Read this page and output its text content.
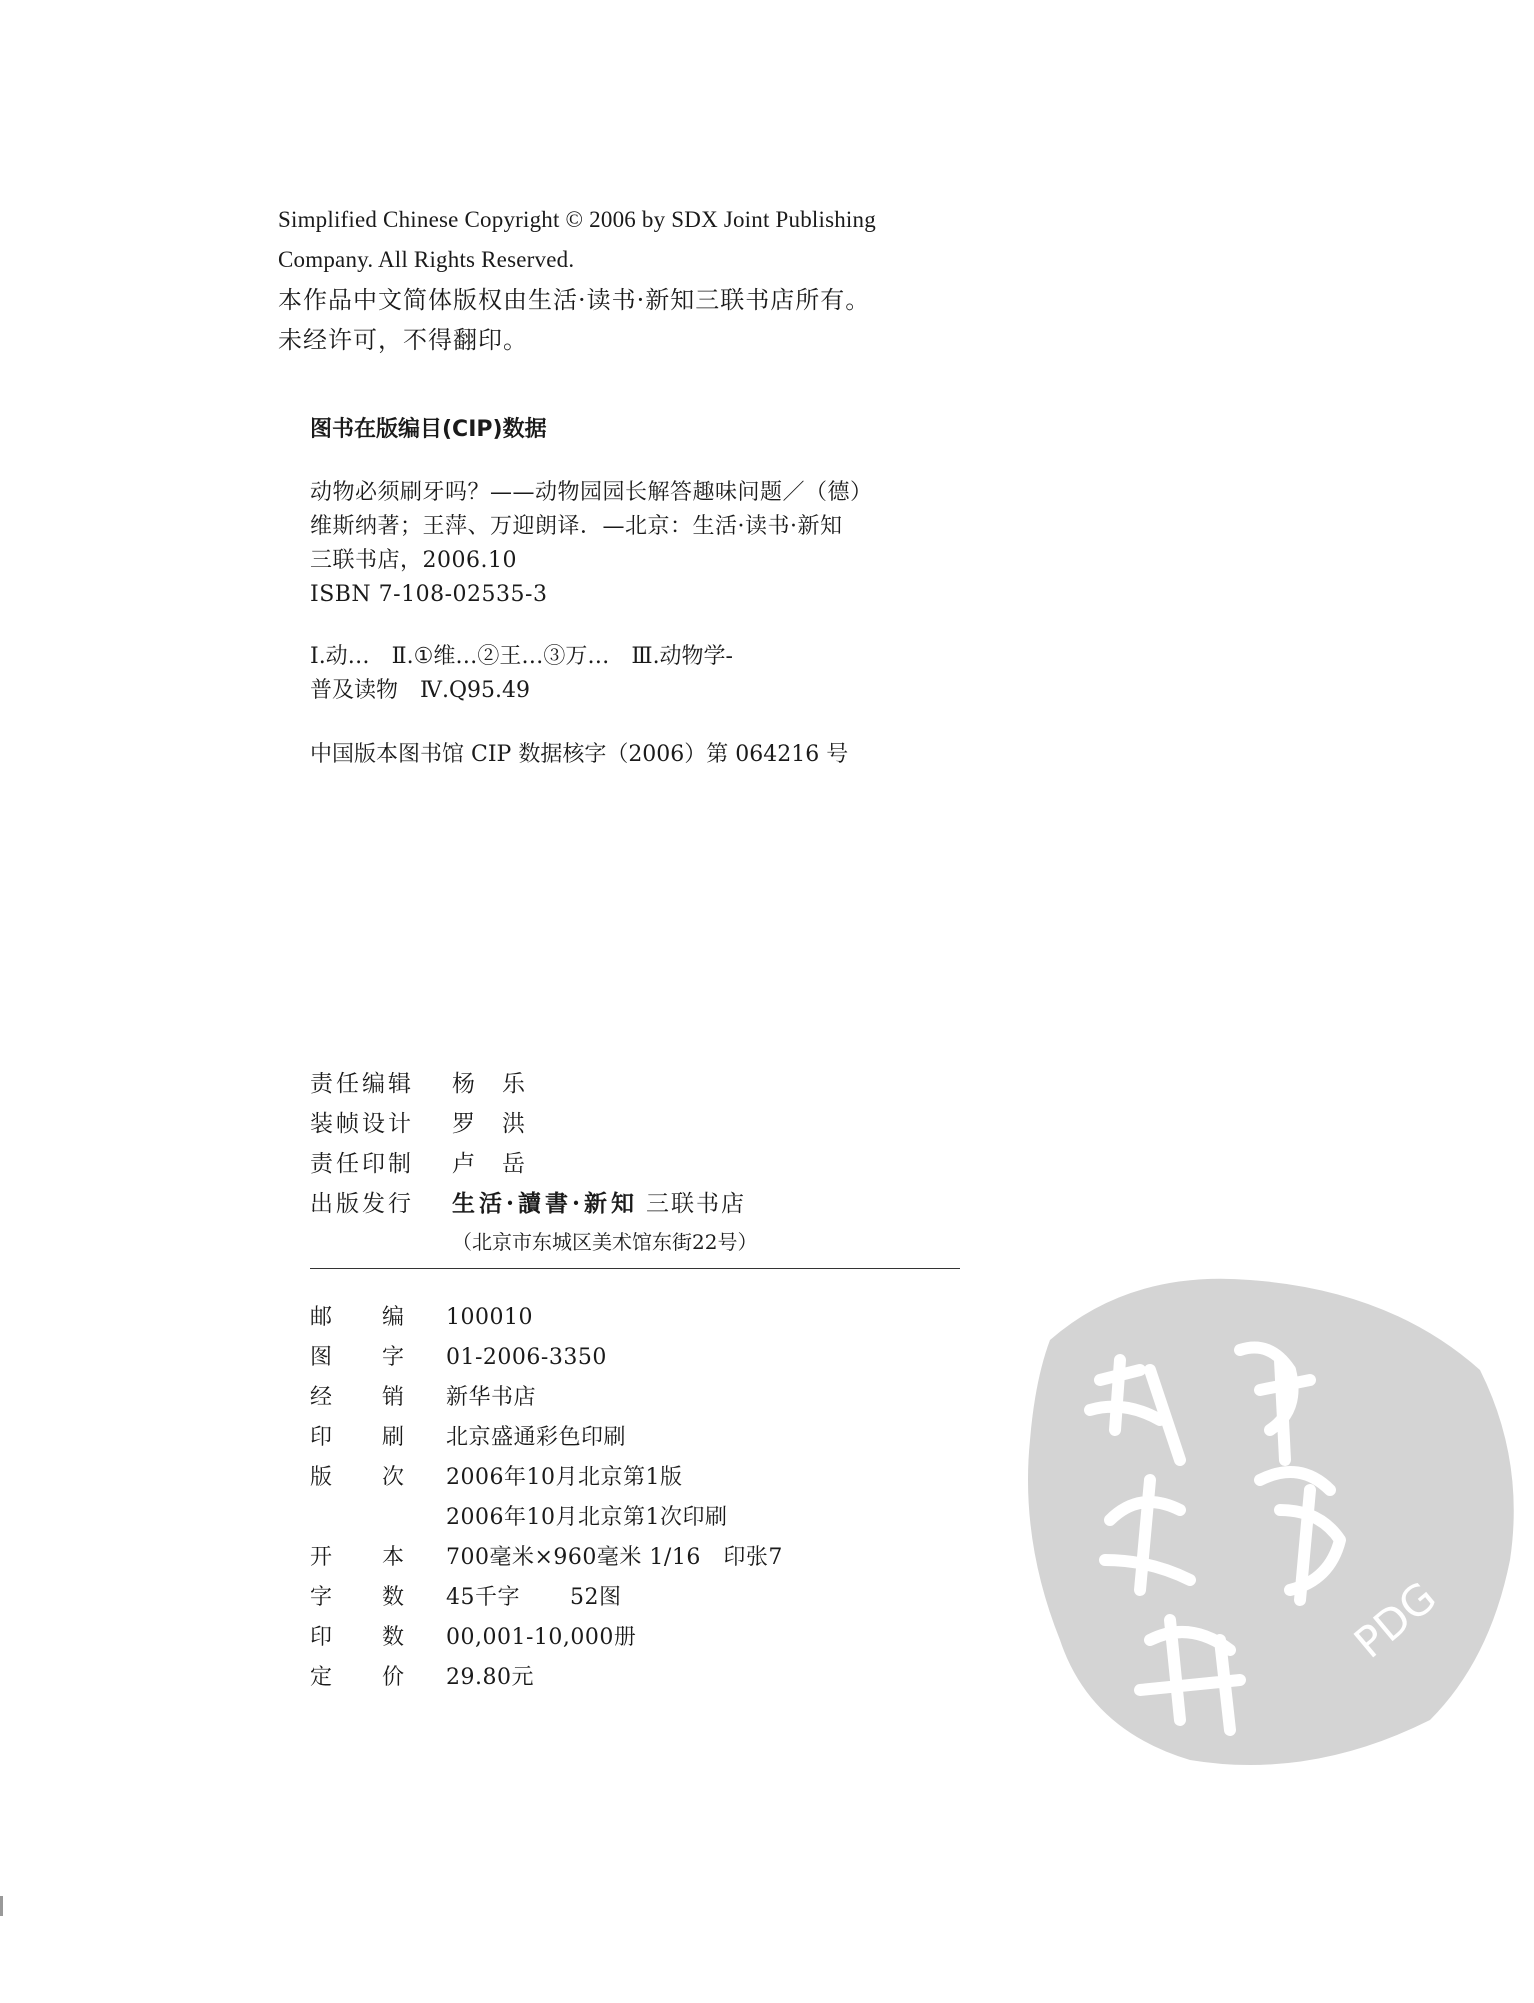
Simplified Chinese Copyright © 2006 by SDX Joint Publishing
Company. All Rights Reserved.
本作品中文简体版权由生活·读书·新知三联书店所有。
未经许可，不得翻印。
图书在版编目(CIP)数据

动物必须刷牙吗？——动物园园长解答趣味问题／（德）

维斯纳著；王萍、万迎朗译．—北京：生活·读书·新知

三联书店，2006.10

ISBN 7-108-02535-3

Ⅰ.动…　Ⅱ.①维…②王…③万…　Ⅲ.动物学-

普及读物　Ⅳ.Q95.49

中国版本图书馆 CIP 数据核字（2006）第 064216 号
责任编辑	杨　乐
装帧设计	罗　洪
责任印制	卢　岳
出版发行	生活·讀書·新知 三联书店
（北京市东城区美术馆东街22号）
邮	编	100010
图	字	01-2006-3350
经	销	新华书店
印	刷	北京盛通彩色印刷
版	次	2006年10月北京第1版
2006年10月北京第1次印刷
开	本	700毫米×960毫米 1/16　印张7
字	数	45千字 52图
印	数	00,001-10,000册
定	价	29.80元
PDG
